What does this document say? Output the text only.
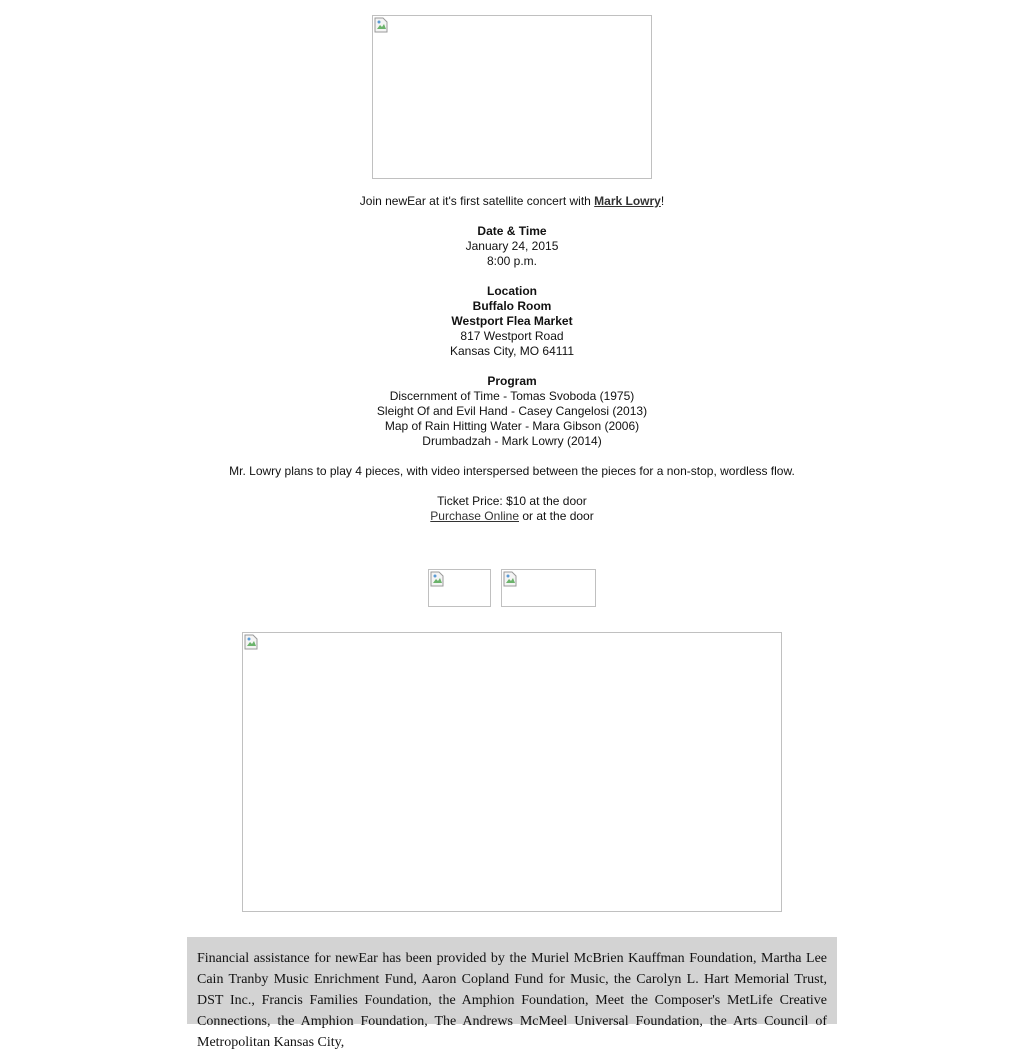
Join newEar at it's first satellite concert with Mark Lowry!

Date & Time

January 24, 2015

8:00 p.m.

Location

Buffalo Room

Westport Flea Market

817 Westport Road

Kansas City, MO 64111

Program

Discernment of Time - Tomas Svoboda (1975)

Sleight Of and Evil Hand - Casey Cangelosi (2013)

Map of Rain Hitting Water - Mara Gibson (2006)

Drumbadzah - Mark Lowry (2014)

Mr. Lowry plans to play 4 pieces, with video interspersed between the pieces for a non-stop, wordless flow.

Ticket Price: $10 at the door

Purchase Online or at the door

Financial assistance for newEar has been provided by the Muriel McBrien Kauffman Foundation, Martha Lee Cain Tranby Music Enrichment Fund, Aaron Copland Fund for Music, the Carolyn L. Hart Memorial Trust, DST Inc., Francis Families Foundation, the Amphion Foundation, Meet the Composer's MetLife Creative Connections, the Amphion Foundation, The Andrews McMeel Universal Foundation, the Arts Council of Metropolitan Kansas City,
